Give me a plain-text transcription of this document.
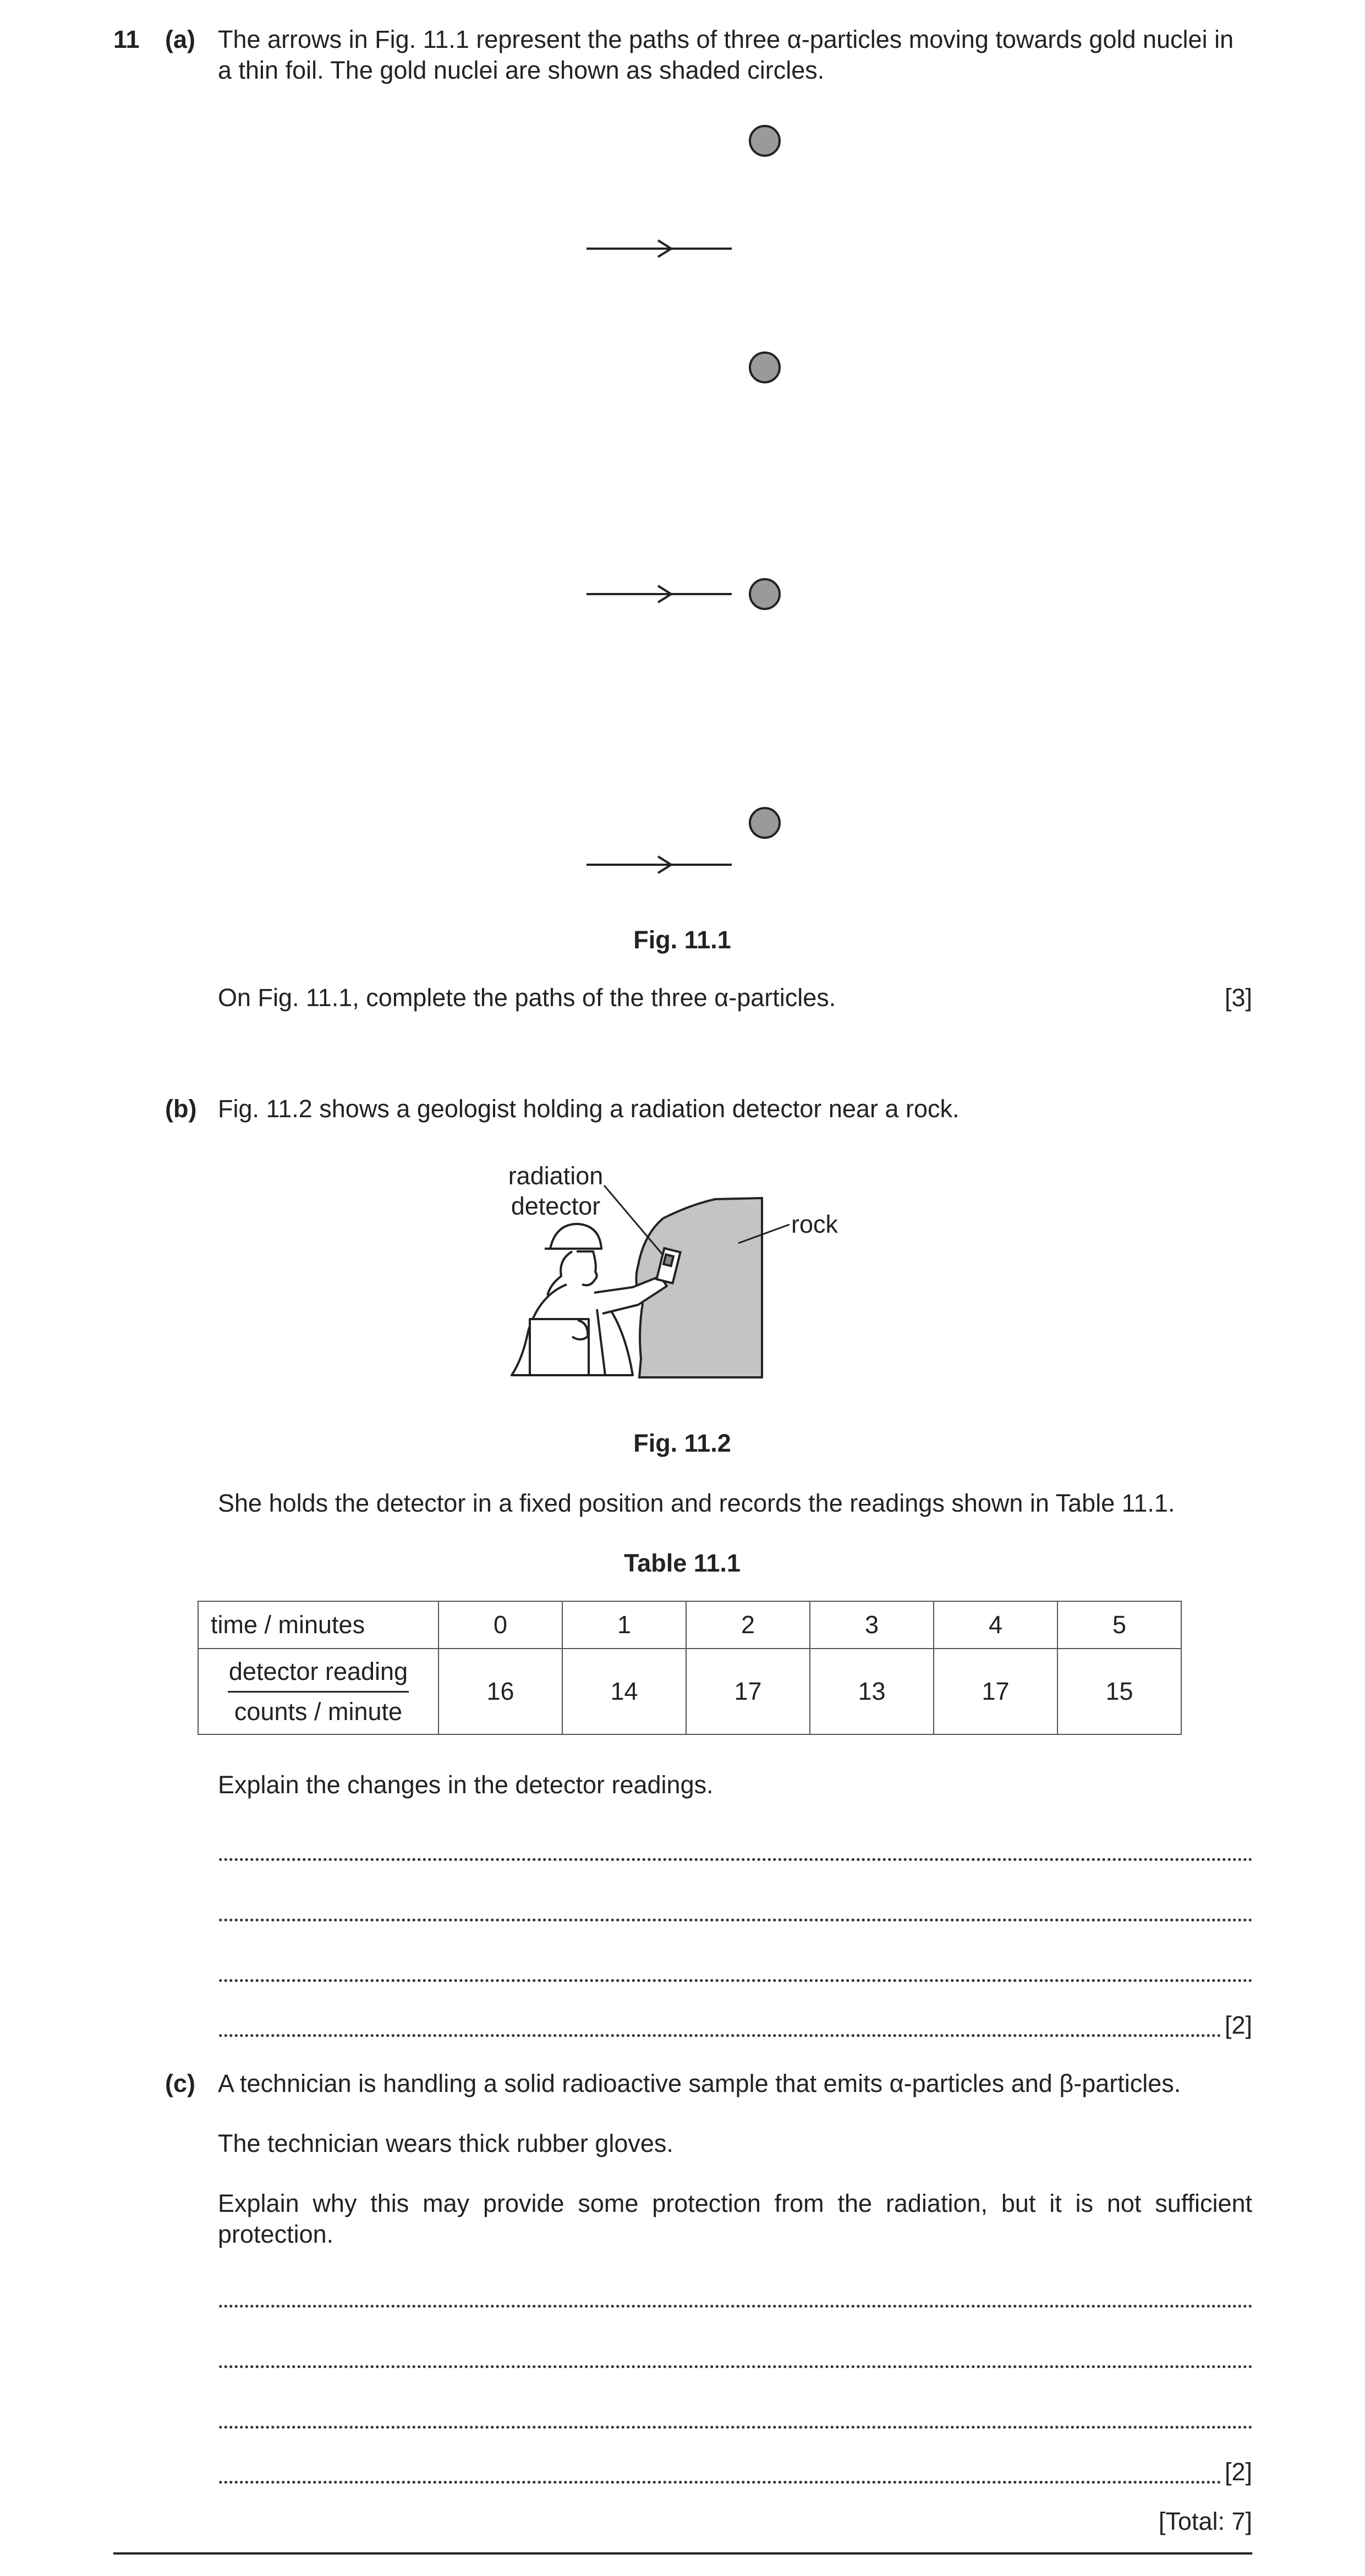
11 (a) The arrows in Fig. 11.1 represent the paths of three α-particles moving towards gold nuclei in a thin foil. The gold nuclei are shown as shaded circles.
Fig. 11.1
On Fig. 11.1, complete the paths of the three α-particles.	[3]
(b) Fig. 11.2 shows a geologist holding a radiation detector near a rock.
radiation
detector
rock
Fig. 11.2
She holds the detector in a fixed position and records the readings shown in Table 11.1.
Table 11.1
time / minutes	0	1	2	3	4	5

detector reading
counts / minute	16	14	17	13	17	15
Explain the changes in the detector readings.
[2]
(c) A technician is handling a solid radioactive sample that emits α-particles and β-particles.
The technician wears thick rubber gloves.
Explain why this may provide some protection from the radiation, but it is not sufficient protection.
[2]
[Total: 7]
